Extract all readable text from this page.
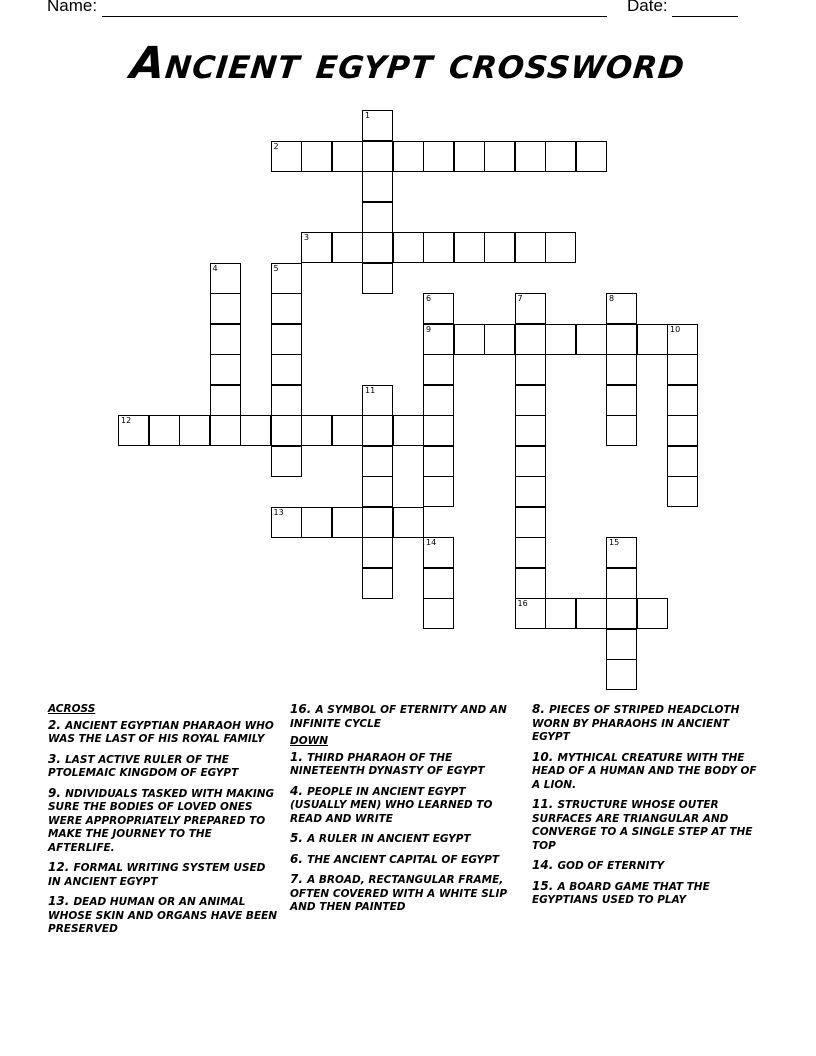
Name:	Date:
Ancient egypt crossword
1
2
3
4	5
6
9
7
16
8
10
11
12
13
14	15
ACROSS
2. ANCIENT EGYPTIAN PHARAOH WHO WAS THE LAST OF HIS ROYAL FAMILY
3. LAST ACTIVE RULER OF THE PTOLEMAIC KINGDOM OF EGYPT
9. NDIVIDUALS TASKED WITH MAKING SURE THE BODIES OF LOVED ONES WERE APPROPRIATELY PREPARED TO MAKE THE JOURNEY TO THE AFTERLIFE.
12. FORMAL WRITING SYSTEM USED IN ANCIENT EGYPT
13. DEAD HUMAN OR AN ANIMAL WHOSE SKIN AND ORGANS HAVE BEEN PRESERVED
16. A SYMBOL OF ETERNITY AND AN INFINITE CYCLE
DOWN
1. THIRD PHARAOH OF THE NINETEENTH DYNASTY OF EGYPT
4. PEOPLE IN ANCIENT EGYPT (USUALLY MEN) WHO LEARNED TO READ AND WRITE
5. A RULER IN ANCIENT EGYPT
6. THE ANCIENT CAPITAL OF EGYPT
7. A BROAD, RECTANGULAR FRAME, OFTEN COVERED WITH A WHITE SLIP AND THEN PAINTED
8. PIECES OF STRIPED HEADCLOTH WORN BY PHARAOHS IN ANCIENT EGYPT
10. MYTHICAL CREATURE WITH THE HEAD OF A HUMAN AND THE BODY OF A LION.
11. STRUCTURE WHOSE OUTER SURFACES ARE TRIANGULAR AND CONVERGE TO A SINGLE STEP AT THE TOP
14. GOD OF ETERNITY
15. A BOARD GAME THAT THE EGYPTIANS USED TO PLAY
